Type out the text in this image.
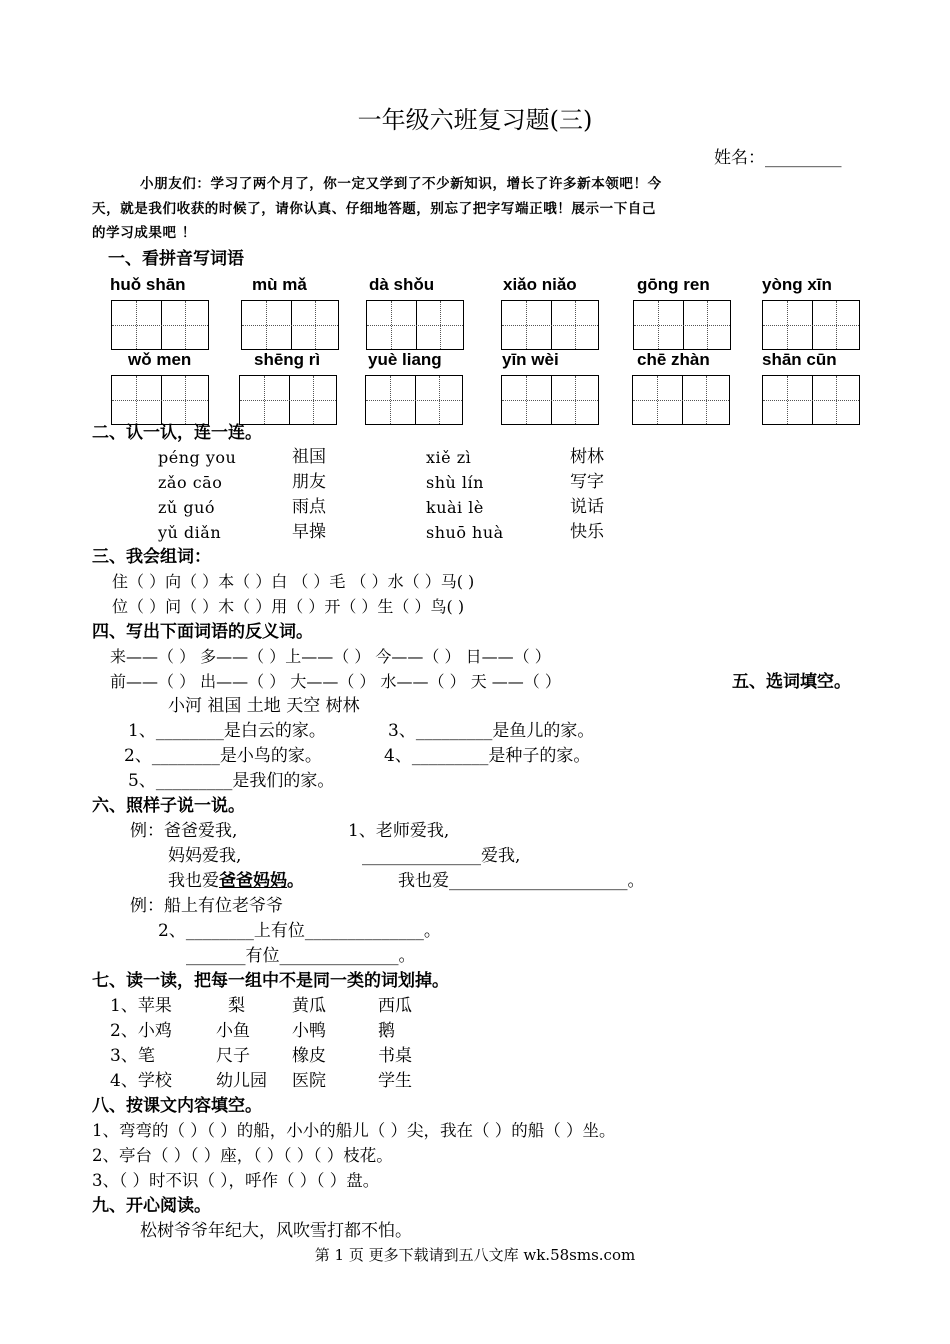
一年级六班复习题(三)
姓名：_________
小朋友们：学习了两个月了，你一定又学到了不少新知识，增长了许多新本领吧！今
天，就是我们收获的时候了，请你认真、仔细地答题，别忘了把字写端正哦！展示一下自己
的学习成果吧 ！
一、看拼音写词语
huǒ shān	mù mǎ	dà shǒu	xiǎo niǎo	gōng ren	yòng xīn
wǒ men	shēng rì	yuè liang	yīn wèi	chē zhàn	shān cūn
二、认一认，连一连。
péng you	祖国	xiě zì	树林
zǎo cāo	朋友	shù lín	写字
zǔ guó	雨点	kuài lè	说话
yǔ diǎn	早操	shuō huà	快乐
三、我会组词：
住（ ）向（ ）本（ ）白 （ ）毛 （ ）水（ ）马( )
位（ ）问（ ）木（ ）用（ ）开（ ）生（ ）鸟( )
四、写出下面词语的反义词。
来——（ ） 多——（ ）上——（ ） 今——（ ） 日——（ ）
前——（ ） 出——（ ） 大——（ ） 水——（ ） 天 ——（ ）	五、选词填空。
小河 祖国 土地 天空 树林
1、________是白云的家。	3、_________是鱼儿的家。
2、________是小鸟的家。	4、_________是种子的家。
5、_________是我们的家。
六、照样子说一说。
例：爸爸爱我,	1、老师爱我,
妈妈爱我,	______________爱我,
我也爱爸爸妈妈。	我也爱_____________________。
例：船上有位老爷爷
2、________上有位______________。
_______有位______________。
七、读一读，把每一组中不是同一类的词划掉。
1、苹果	梨	黄瓜	西瓜
2、小鸡	小鱼 小鸭	鹅
3、笔	尺子 橡皮	书桌
4、学校	幼儿园 医院	学生
八、按课文内容填空。
1、弯弯的（ ）（ ）的船，小小的船儿（ ）尖，我在（ ）的船（ ）坐。
2、亭台（ ）（ ）座，（ ）（ ）（ ）枝花。
3、（ ）时不识（ ），呼作（ ）（ ）盘。
九、开心阅读。
松树爷爷年纪大，风吹雪打都不怕。
第 1 页 更多下载请到五八文库 wk.58sms.com
